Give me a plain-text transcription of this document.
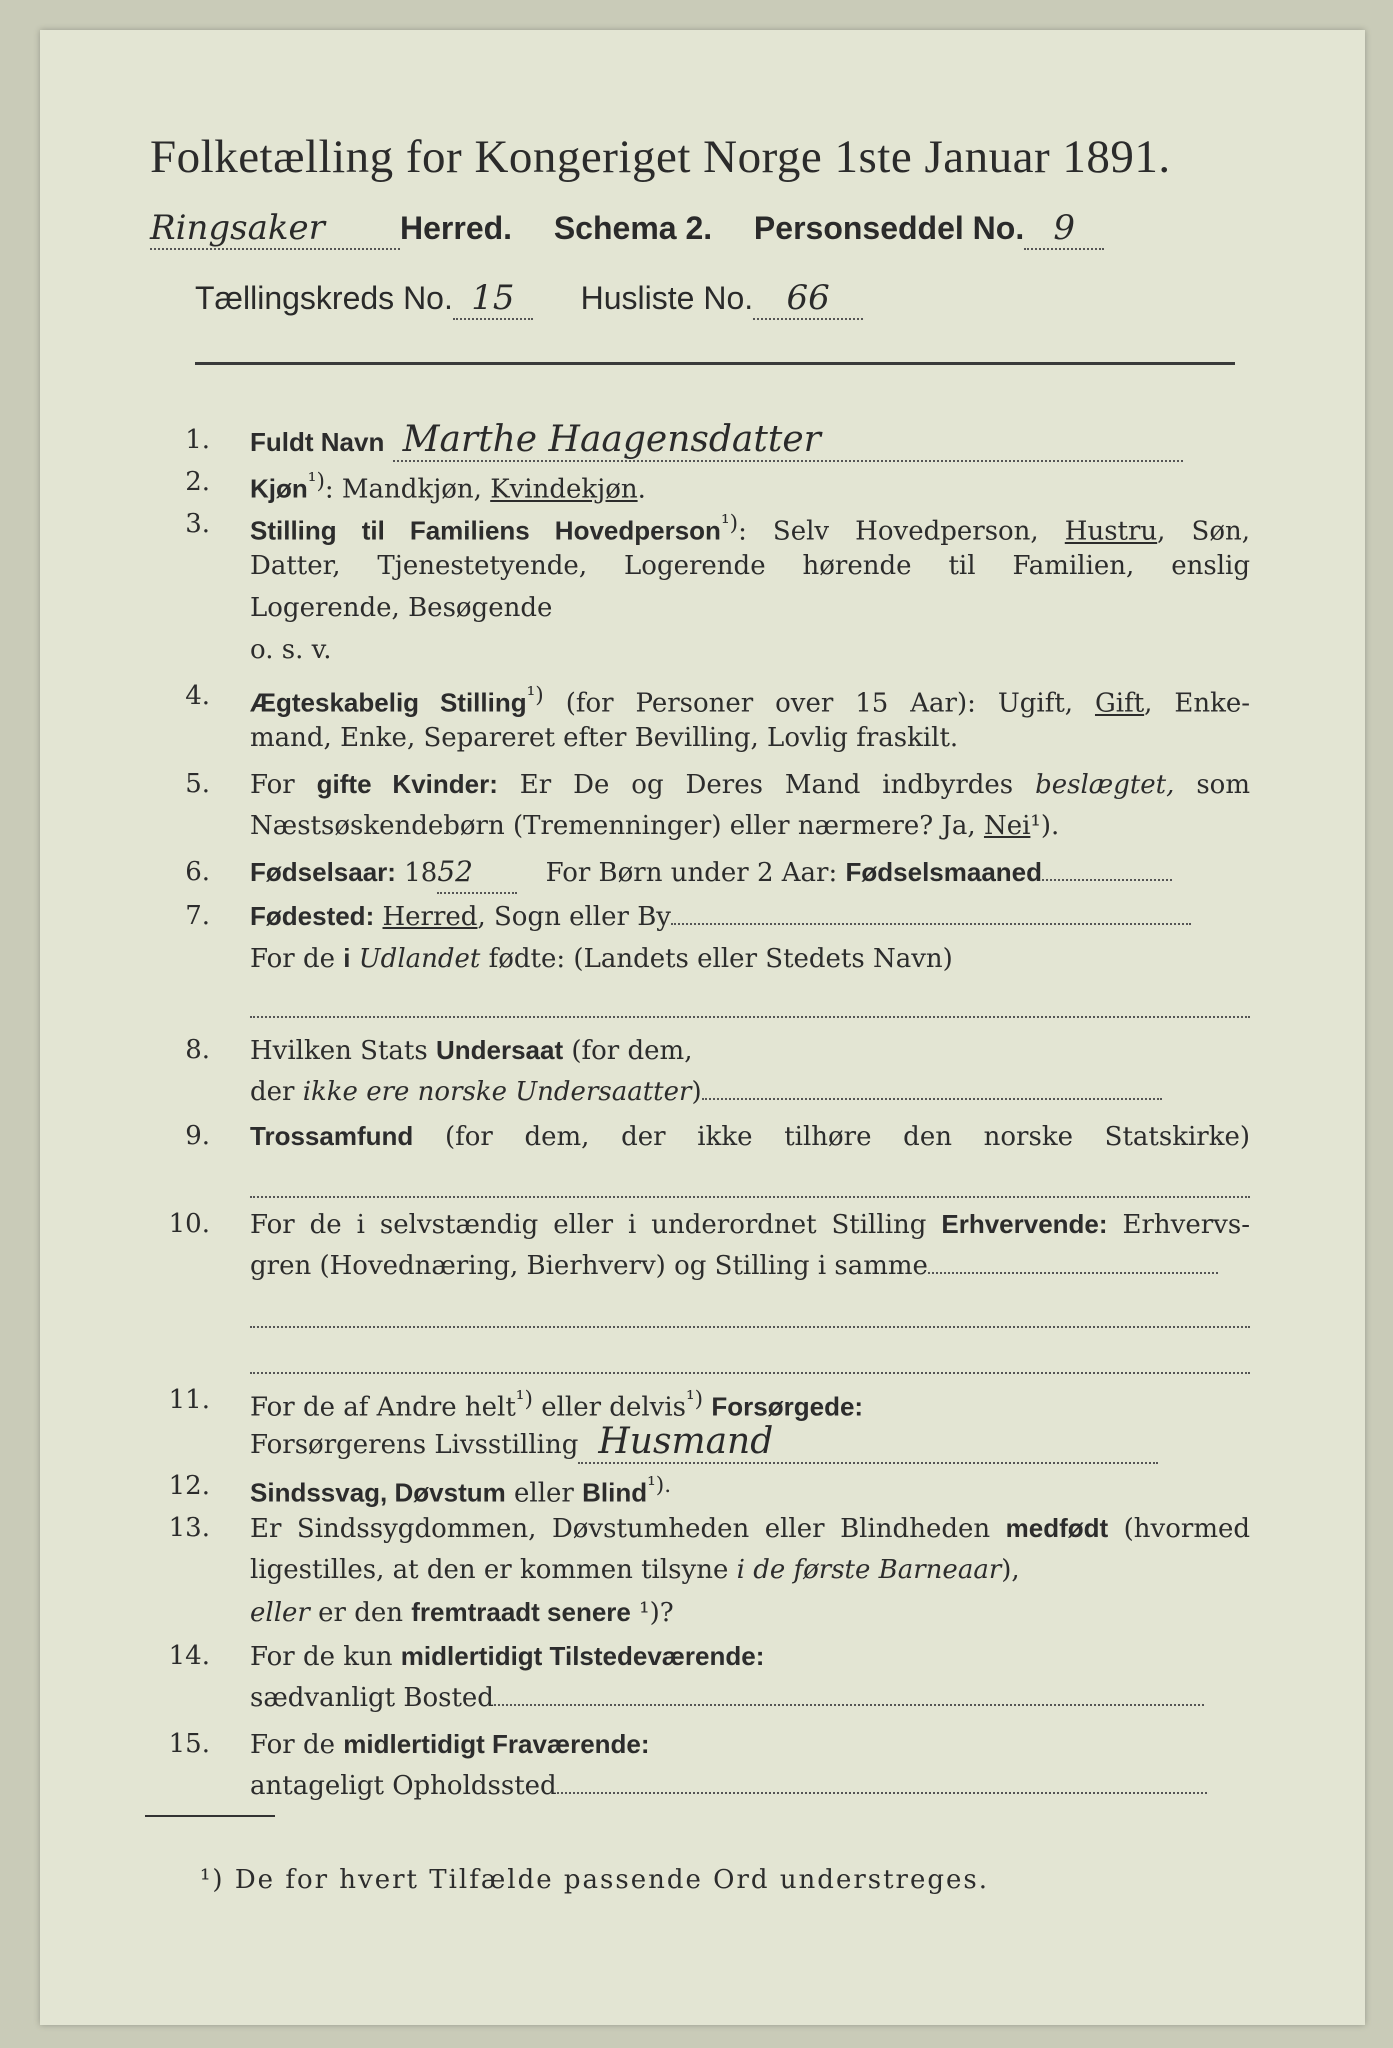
Folketælling for Kongeriget Norge 1ste Januar 1891.
Ringsaker Herred. Schema 2. Personseddel No. 9
Tællingskreds No. 15 Husliste No. 66
1. Fuldt Navn Marthe Haagensdatter
2. Kjøn$^{^1)}$: Mandkjøn, Kvindekjøn.
3. Stilling til Familiens Hovedperson$^{^1)}$: Selv Hovedperson, Hustru, Søn,
Datter, Tjenestetyende, Logerende hørende til Familien, enslig
Logerende, Besøgende
o. s. v.
4. Ægteskabelig Stilling$^{^1)}$ (for Personer over 15 Aar): Ugift, Gift, Enke-
mand, Enke, Separeret efter Bevilling, Lovlig fraskilt.
5. For gifte Kvinder: Er De og Deres Mand indbyrdes beslægtet, som
Næstsøskendebørn (Tremenninger) eller nærmere? Ja, Nei¹).
6. Fødselsaar: 1852	For Børn under 2 Aar: Fødselsmaaned
7. Fødested: Herred, Sogn eller By
For de i Udlandet fødte: (Landets eller Stedets Navn)
8. Hvilken Stats Undersaat (for dem,
der ikke ere norske Undersaatter)
9. Trossamfund (for dem, der ikke tilhøre den norske Statskirke)
10. For de i selvstændig eller i underordnet Stilling Erhvervende: Erhvervs-
gren (Hovednæring, Bierhverv) og Stilling i samme
11. For de af Andre helt$^{^1)}$ eller delvis$^{^1)}$ Forsørgede:
Forsørgerens Livsstilling Husmand
12. Sindssvag, Døvstum eller Blind$^{^1).}$
13. Er Sindssygdommen, Døvstumheden eller Blindheden medfødt (hvormed
ligestilles, at den er kommen tilsyne i de første Barneaar),
eller er den fremtraadt senere ¹)?
14. For de kun midlertidigt Tilstedeværende:
sædvanligt Bosted
15. For de midlertidigt Fraværende:
antageligt Opholdssted
¹) De for hvert Tilfælde passende Ord understreges.
